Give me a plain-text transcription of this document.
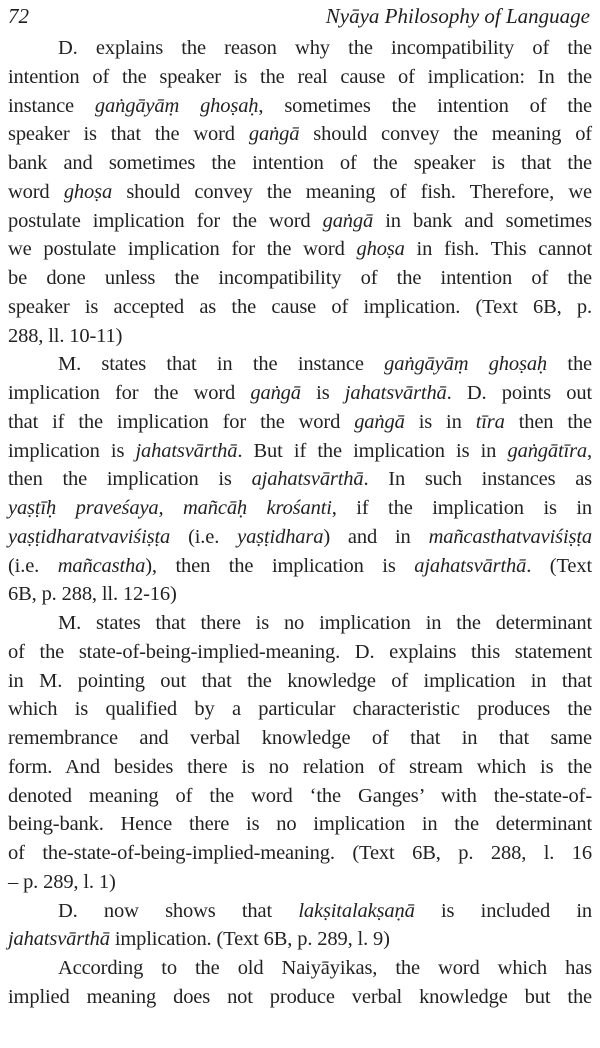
72	Nyāya Philosophy of Language
D. explains the reason why the incompatibility of the
intention of the speaker is the real cause of implication: In the
instance gaṅgāyāṃ ghoṣaḥ, sometimes the intention of the
speaker is that the word gaṅgā should convey the meaning of
bank and sometimes the intention of the speaker is that the
word ghoṣa should convey the meaning of fish. Therefore, we
postulate implication for the word gaṅgā in bank and sometimes
we postulate implication for the word ghoṣa in fish. This cannot
be done unless the incompatibility of the intention of the
speaker is accepted as the cause of implication. (Text 6B, p.
288, ll. 10-11)
M. states that in the instance gaṅgāyāṃ ghoṣaḥ the
implication for the word gaṅgā is jahatsvārthā. D. points out
that if the implication for the word gaṅgā is in tīra then the
implication is jahatsvārthā. But if the implication is in gaṅgātīra,
then the implication is ajahatsvārthā. In such instances as
yaṣṭīḥ praveśaya, mañcāḥ krośanti, if the implication is in
yaṣṭidharatvaviśiṣṭa (i.e. yaṣṭidhara) and in mañcasthatvaviśiṣṭa
(i.e. mañcastha), then the implication is ajahatsvārthā. (Text
6B, p. 288, ll. 12-16)
M. states that there is no implication in the determinant
of the state-of-being-implied-meaning. D. explains this statement
in M. pointing out that the knowledge of implication in that
which is qualified by a particular characteristic produces the
remembrance and verbal knowledge of that in that same
form. And besides there is no relation of stream which is the
denoted meaning of the word ‘the Ganges’ with the-state-of-
being-bank. Hence there is no implication in the determinant
of the-state-of-being-implied-meaning. (Text 6B, p. 288, l. 16
– p. 289, l. 1)
D. now shows that lakṣitalakṣaṇā is included in
jahatsvārthā implication. (Text 6B, p. 289, l. 9)
According to the old Naiyāyikas, the word which has
implied meaning does not produce verbal knowledge but the
